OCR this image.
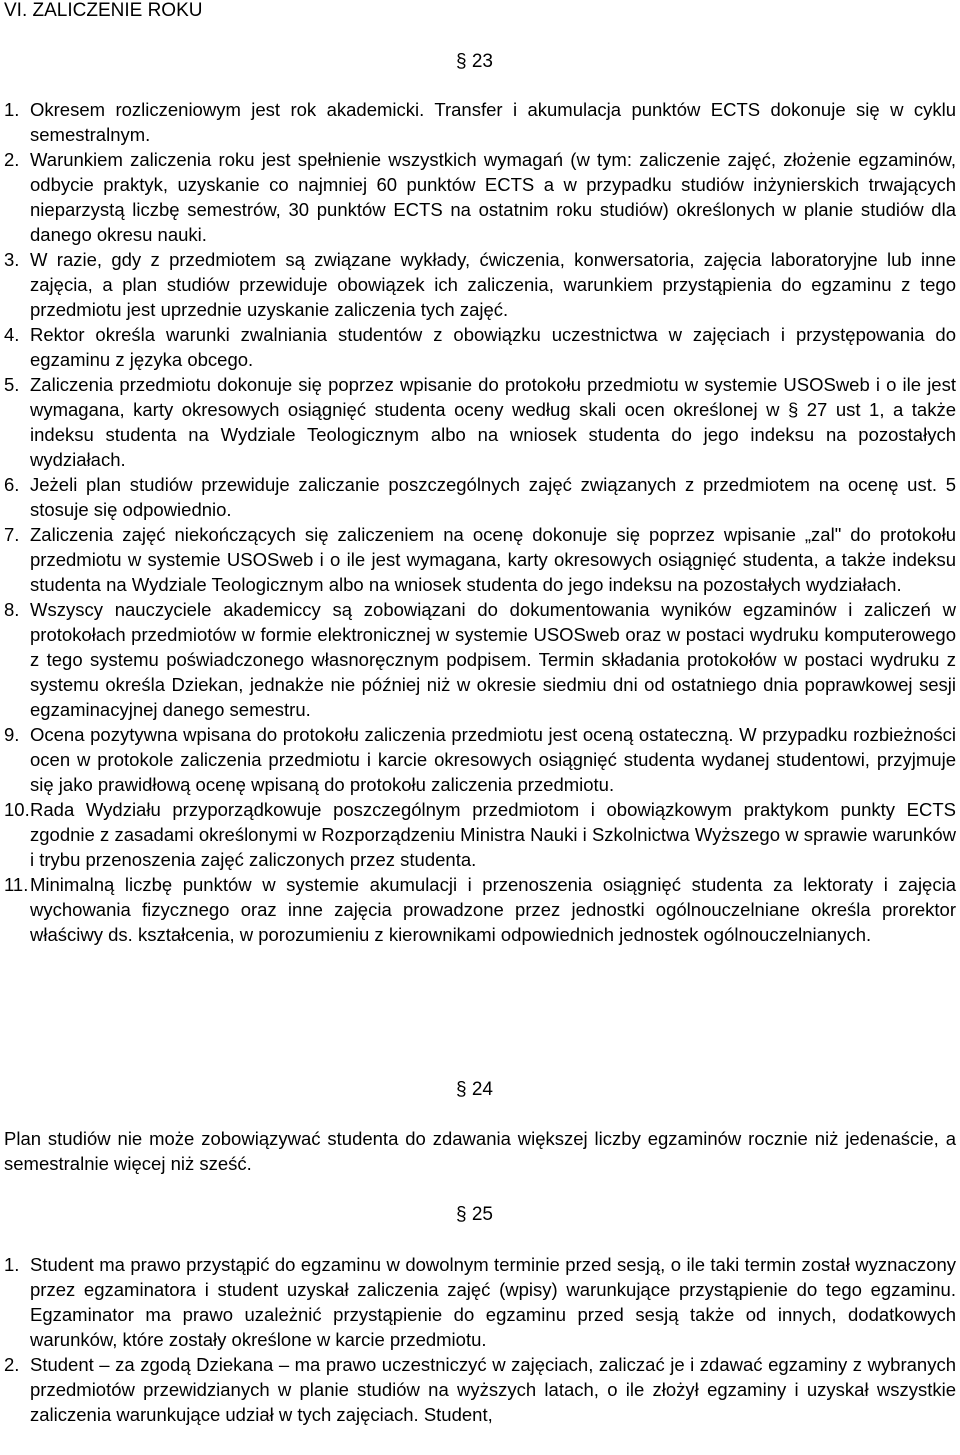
VI. ZALICZENIE ROKU
§ 23
1. Okresem rozliczeniowym jest rok akademicki. Transfer i akumulacja punktów ECTS dokonuje się w cyklu semestralnym.
2. Warunkiem zaliczenia roku jest spełnienie wszystkich wymagań (w tym: zaliczenie zajęć, złożenie egzaminów, odbycie praktyk, uzyskanie co najmniej 60 punktów ECTS a w przypadku studiów inżynierskich trwających nieparzystą liczbę semestrów, 30 punktów ECTS na ostatnim roku studiów) określonych w planie studiów dla danego okresu nauki.
3. W razie, gdy z przedmiotem są związane wykłady, ćwiczenia, konwersatoria, zajęcia laboratoryjne lub inne zajęcia, a plan studiów przewiduje obowiązek ich zaliczenia, warunkiem przystąpienia do egzaminu z tego przedmiotu jest uprzednie uzyskanie zaliczenia tych zajęć.
4. Rektor określa warunki zwalniania studentów z obowiązku uczestnictwa w zajęciach i przystępowania do egzaminu z języka obcego.
5. Zaliczenia przedmiotu dokonuje się poprzez wpisanie do protokołu przedmiotu w systemie USOSweb i o ile jest wymagana, karty okresowych osiągnięć studenta oceny według skali ocen określonej w § 27 ust 1, a także indeksu studenta na Wydziale Teologicznym albo na wniosek studenta do jego indeksu na pozostałych wydziałach.
6. Jeżeli plan studiów przewiduje zaliczanie poszczególnych zajęć związanych z przedmiotem na ocenę ust. 5 stosuje się odpowiednio.
7. Zaliczenia zajęć niekończących się zaliczeniem na ocenę dokonuje się poprzez wpisanie „zal" do protokołu przedmiotu w systemie USOSweb i o ile jest wymagana, karty okresowych osiągnięć studenta, a także indeksu studenta na Wydziale Teologicznym albo na wniosek studenta do jego indeksu na pozostałych wydziałach.
8. Wszyscy nauczyciele akademiccy są zobowiązani do dokumentowania wyników egzaminów i zaliczeń w protokołach przedmiotów w formie elektronicznej w systemie USOSweb oraz w postaci wydruku komputerowego z tego systemu poświadczonego własnoręcznym podpisem. Termin składania protokołów w postaci wydruku z systemu określa Dziekan, jednakże nie później niż w okresie siedmiu dni od ostatniego dnia poprawkowej sesji egzaminacyjnej danego semestru.
9. Ocena pozytywna wpisana do protokołu zaliczenia przedmiotu jest oceną ostateczną. W przypadku rozbieżności ocen w protokole zaliczenia przedmiotu i karcie okresowych osiągnięć studenta wydanej studentowi, przyjmuje się jako prawidłową ocenę wpisaną do protokołu zaliczenia przedmiotu.
10. Rada Wydziału przyporządkowuje poszczególnym przedmiotom i obowiązkowym praktykom punkty ECTS zgodnie z zasadami określonymi w Rozporządzeniu Ministra Nauki i Szkolnictwa Wyższego w sprawie warunków i trybu przenoszenia zajęć zaliczonych przez studenta.
11. Minimalną liczbę punktów w systemie akumulacji i przenoszenia osiągnięć studenta za lektoraty i zajęcia wychowania fizycznego oraz inne zajęcia prowadzone przez jednostki ogólnouczelniane określa prorektor właściwy ds. kształcenia, w porozumieniu z kierownikami odpowiednich jednostek ogólnouczelnianych.
§ 24

Plan studiów nie może zobowiązywać studenta do zdawania większej liczby egzaminów rocznie niż jedenaście, a semestralnie więcej niż sześć.

§ 25
1. Student ma prawo przystąpić do egzaminu w dowolnym terminie przed sesją, o ile taki termin został wyznaczony przez egzaminatora i student uzyskał zaliczenia zajęć (wpisy) warunkujące przystąpienie do tego egzaminu. Egzaminator ma prawo uzależnić przystąpienie do egzaminu przed sesją także od innych, dodatkowych warunków, które zostały określone w karcie przedmiotu.
2. Student – za zgodą Dziekana – ma prawo uczestniczyć w zajęciach, zaliczać je i zdawać egzaminy z wybranych przedmiotów przewidzianych w planie studiów na wyższych latach, o ile złożył egzaminy i uzyskał wszystkie zaliczenia warunkujące udział w tych zajęciach. Student,
